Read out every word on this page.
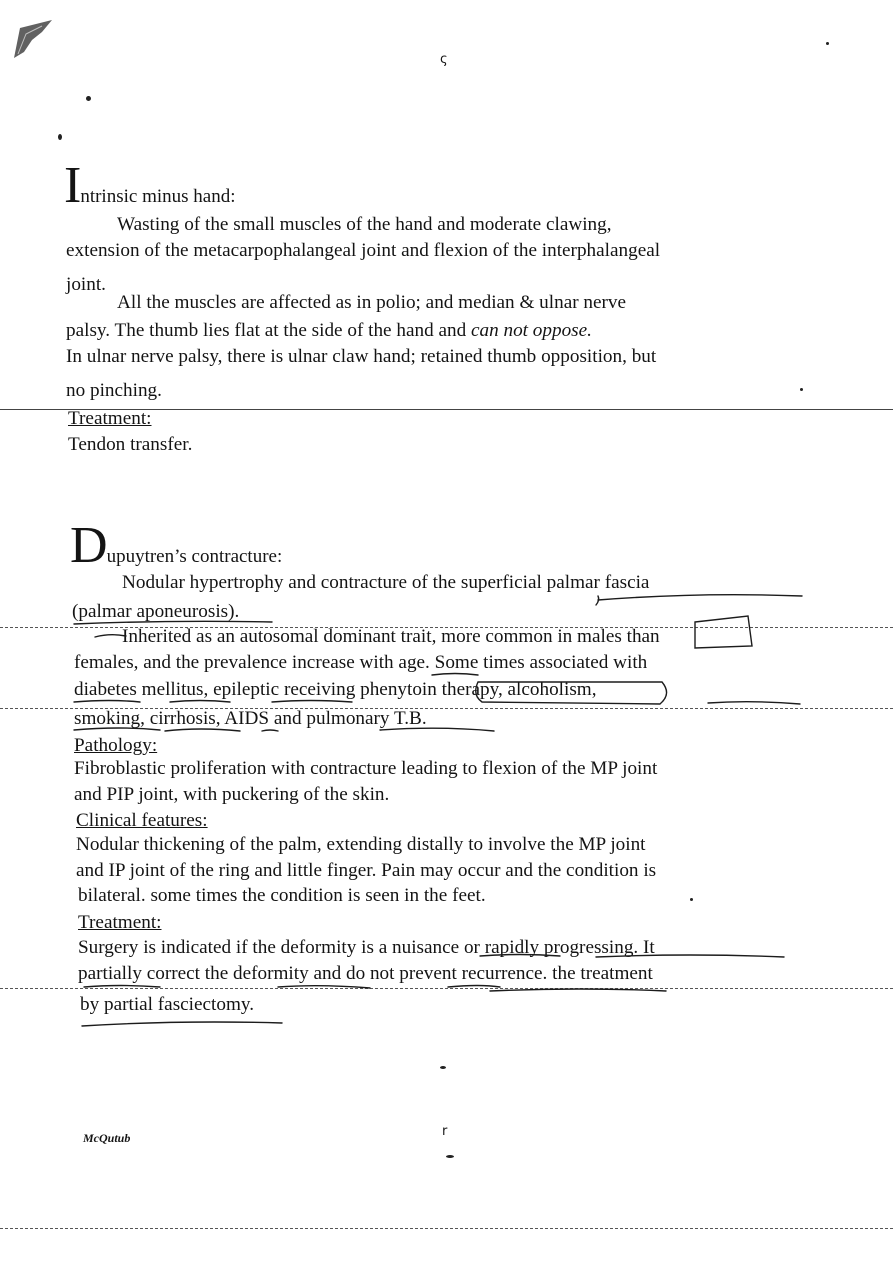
ς
Intrinsic minus hand:
Wasting of the small muscles of the hand and moderate clawing,
extension of the metacarpophalangeal joint and flexion of the interphalangeal
joint.
All the muscles are affected as in polio; and median & ulnar nerve
palsy. The thumb lies flat at the side of the hand and can not oppose.
In ulnar nerve palsy, there is ulnar claw hand; retained thumb opposition, but
no pinching.
Treatment:
Tendon transfer.
Dupuytren’s contracture:
Nodular hypertrophy and contracture of the superficial palmar fascia
(palmar aponeurosis).
Inherited as an autosomal dominant trait, more common in males than
females, and the prevalence increase with age. Some times associated with
diabetes mellitus, epileptic receiving phenytoin therapy, alcoholism,
smoking, cirrhosis, AIDS and pulmonary T.B.
Pathology:
Fibroblastic proliferation with contracture leading to flexion of the MP joint
and PIP joint, with puckering of the skin.
Clinical features:
Nodular thickening of the palm, extending distally to involve the MP joint
and IP joint of the ring and little finger. Pain may occur and the condition is
bilateral. some times the condition is seen in the feet.
Treatment:
Surgery is indicated if the deformity is a nuisance or rapidly progressing. It
partially correct the deformity and do not prevent recurrence. the treatment
by partial fasciectomy.
McQutub	r
